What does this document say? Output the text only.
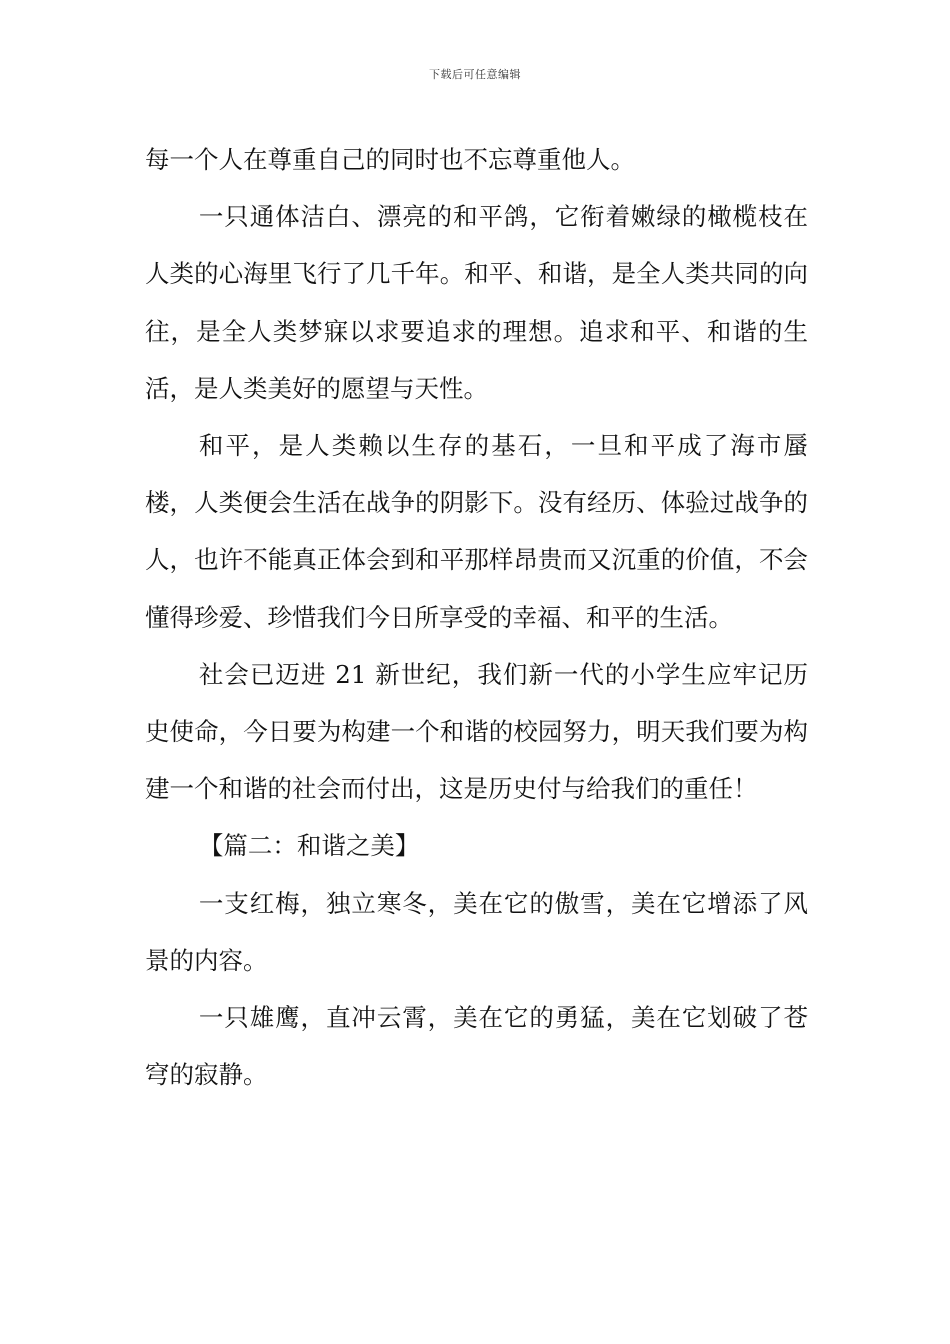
下载后可任意编辑

每一个人在尊重自己的同时也不忘尊重他人。

一只通体洁白、漂亮的和平鸽，它衔着嫩绿的橄榄枝在人类的心海里飞行了几千年。和平、和谐，是全人类共同的向往，是全人类梦寐以求要追求的理想。追求和平、和谐的生活，是人类美好的愿望与天性。

和平，是人类赖以生存的基石，一旦和平成了海市蜃楼，人类便会生活在战争的阴影下。没有经历、体验过战争的人，也许不能真正体会到和平那样昂贵而又沉重的价值，不会懂得珍爱、珍惜我们今日所享受的幸福、和平的生活。

社会已迈进 21 新世纪，我们新一代的小学生应牢记历史使命，今日要为构建一个和谐的校园努力，明天我们要为构建一个和谐的社会而付出，这是历史付与给我们的重任！

【篇二：和谐之美】

一支红梅，独立寒冬，美在它的傲雪，美在它增添了风景的内容。

一只雄鹰，直冲云霄，美在它的勇猛，美在它划破了苍穹的寂静。
